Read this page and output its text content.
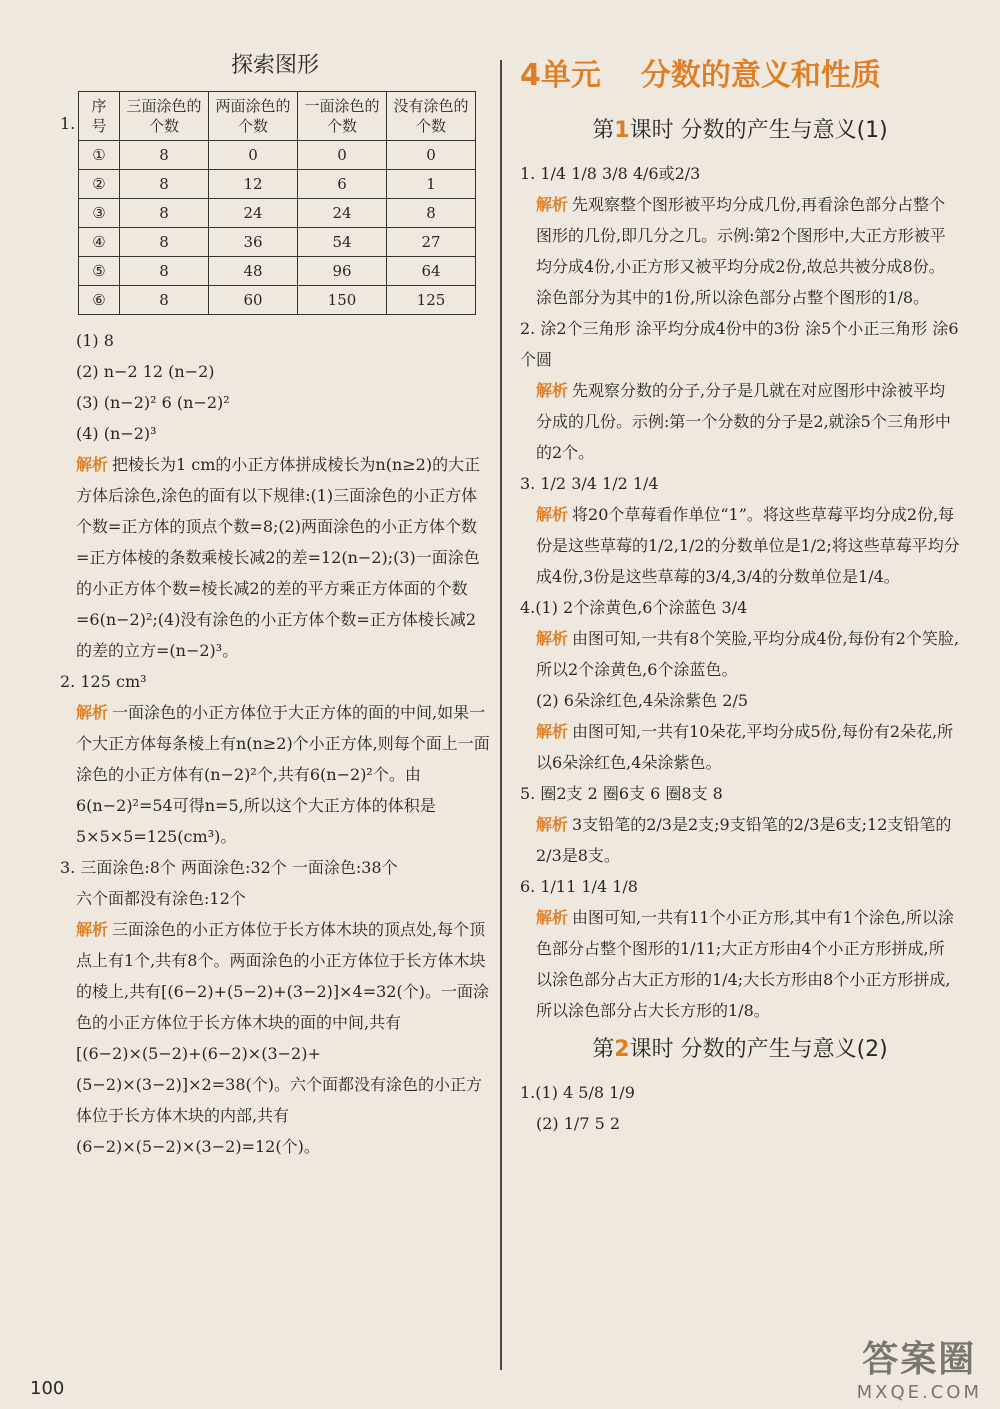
探索图形
1.
序号	三面涂色的个数	两面涂色的个数	一面涂色的个数	没有涂色的个数
①	8	0	0	0
②	8	12	6	1
③	8	24	24	8
④	8	36	54	27
⑤	8	48	96	64
⑥	8	60	150	125

(1) 8

(2) n−2 12 (n−2)

(3) (n−2)² 6 (n−2)²

(4) (n−2)³

解析 把棱长为1 cm的小正方体拼成棱长为n(n≥2)的大正方体后涂色,涂色的面有以下规律:(1)三面涂色的小正方体个数=正方体的顶点个数=8;(2)两面涂色的小正方体个数=正方体棱的条数乘棱长减2的差=12(n−2);(3)一面涂色的小正方体个数=棱长减2的差的平方乘正方体面的个数=6(n−2)²;(4)没有涂色的小正方体个数=正方体棱长减2的差的立方=(n−2)³。

2. 125 cm³

解析 一面涂色的小正方体位于大正方体的面的中间,如果一个大正方体每条棱上有n(n≥2)个小正方体,则每个面上一面涂色的小正方体有(n−2)²个,共有6(n−2)²个。由6(n−2)²=54可得n=5,所以这个大正方体的体积是5×5×5=125(cm³)。

3. 三面涂色:8个 两面涂色:32个 一面涂色:38个

六个面都没有涂色:12个

解析 三面涂色的小正方体位于长方体木块的顶点处,每个顶点上有1个,共有8个。两面涂色的小正方体位于长方体木块的棱上,共有[(6−2)+(5−2)+(3−2)]×4=32(个)。一面涂色的小正方体位于长方体木块的面的中间,共有[(6−2)×(5−2)+(6−2)×(3−2)+(5−2)×(3−2)]×2=38(个)。六个面都没有涂色的小正方体位于长方体木块的内部,共有(6−2)×(5−2)×(3−2)=12(个)。

4单元 分数的意义和性质
第1课时 分数的产生与意义(1)

1. 1/4 1/8 3/8 4/6或2/3

解析 先观察整个图形被平均分成几份,再看涂色部分占整个图形的几份,即几分之几。示例:第2个图形中,大正方形被平均分成4份,小正方形又被平均分成2份,故总共被分成8份。涂色部分为其中的1份,所以涂色部分占整个图形的1/8。

2. 涂2个三角形 涂平均分成4份中的3份 涂5个小正三角形 涂6个圆

解析 先观察分数的分子,分子是几就在对应图形中涂被平均分成的几份。示例:第一个分数的分子是2,就涂5个三角形中的2个。

3. 1/2 3/4 1/2 1/4

解析 将20个草莓看作单位“1”。将这些草莓平均分成2份,每份是这些草莓的1/2,1/2的分数单位是1/2;将这些草莓平均分成4份,3份是这些草莓的3/4,3/4的分数单位是1/4。

4.(1) 2个涂黄色,6个涂蓝色 3/4

解析 由图可知,一共有8个笑脸,平均分成4份,每份有2个笑脸,所以2个涂黄色,6个涂蓝色。

(2) 6朵涂红色,4朵涂紫色 2/5

解析 由图可知,一共有10朵花,平均分成5份,每份有2朵花,所以6朵涂红色,4朵涂紫色。

5. 圈2支 2 圈6支 6 圈8支 8

解析 3支铅笔的2/3是2支;9支铅笔的2/3是6支;12支铅笔的2/3是8支。

6. 1/11 1/4 1/8

解析 由图可知,一共有11个小正方形,其中有1个涂色,所以涂色部分占整个图形的1/11;大正方形由4个小正方形拼成,所以涂色部分占大正方形的1/4;大长方形由8个小正方形拼成,所以涂色部分占大长方形的1/8。

第2课时 分数的产生与意义(2)

1.(1) 4 5/8 1/9

(2) 1/7 5 2

100
答案圈
MXQE.COM
